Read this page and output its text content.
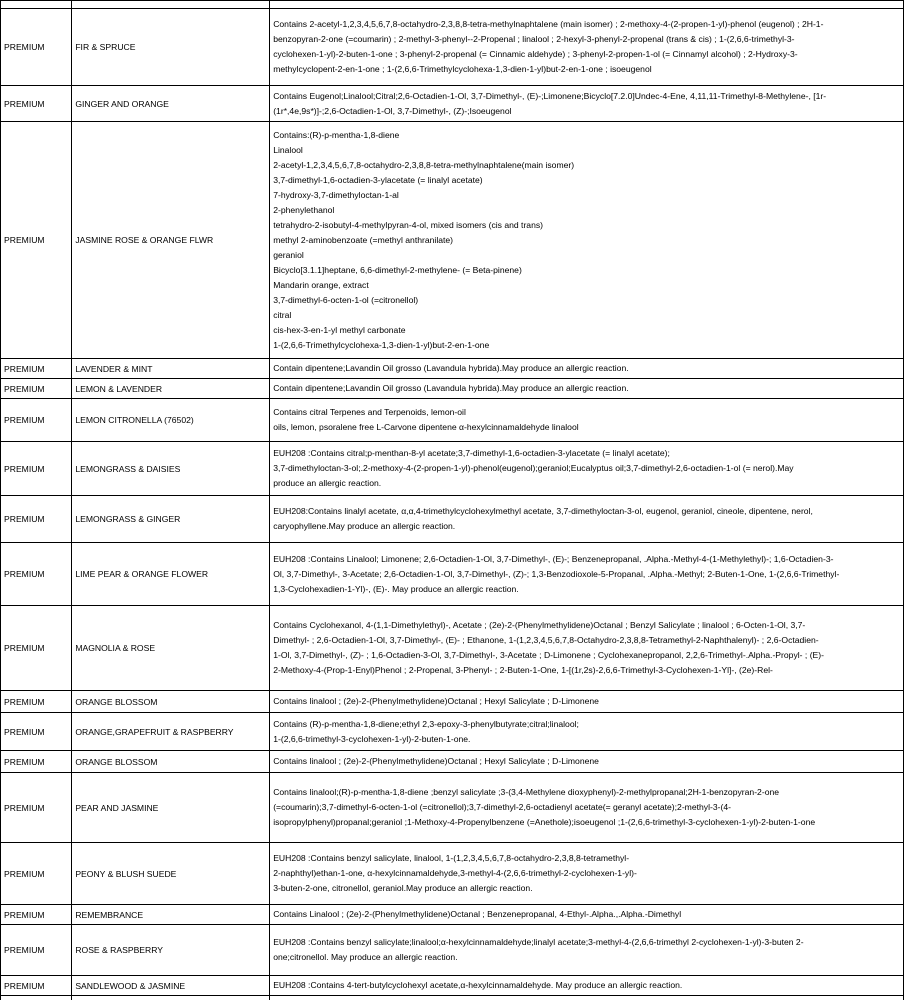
PREMIUM	FIR & SPRUCE	Contains 2-acetyl-1,2,3,4,5,6,7,8-octahydro-2,3,8,8-tetra-methylnaphtalene (main isomer) ; 2-methoxy-4-(2-propen-1-yl)-phenol (eugenol) ; 2H-1-
benzopyran-2-one (=coumarin) ; 2-methyl-3-phenyl--2-Propenal ; linalool ; 2-hexyl-3-phenyl-2-propenal (trans & cis) ; 1-(2,6,6-trimethyl-3-
cyclohexen-1-yl)-2-buten-1-one ; 3-phenyl-2-propenal (= Cinnamic aldehyde) ; 3-phenyl-2-propen-1-ol (= Cinnamyl alcohol) ; 2-Hydroxy-3-
methylcyclopent-2-en-1-one ; 1-(2,6,6-Trimethylcyclohexa-1,3-dien-1-yl)but-2-en-1-one ; isoeugenol

PREMIUM	GINGER AND ORANGE	Contains Eugenol;Linalool;Citral;2,6-Octadien-1-Ol, 3,7-Dimethyl-, (E)-;Limonene;Bicyclo[7.2.0]Undec-4-Ene, 4,11,11-Trimethyl-8-Methylene-, [1r-
(1r*,4e,9s*)]-;2,6-Octadien-1-Ol, 3,7-Dimethyl-, (Z)-;Isoeugenol

PREMIUM	JASMINE ROSE & ORANGE FLWR	
Contains:(R)-p-mentha-1,8-diene
Linalool
2-acetyl-1,2,3,4,5,6,7,8-octahydro-2,3,8,8-tetra-methylnaphtalene(main isomer)
3,7-dimethyl-1,6-octadien-3-ylacetate (= linalyl acetate)
7-hydroxy-3,7-dimethyloctan-1-al
2-phenylethanol
tetrahydro-2-isobutyl-4-methylpyran-4-ol, mixed isomers (cis and trans)
methyl 2-aminobenzoate (=methyl anthranilate)
geraniol
Bicyclo[3.1.1]heptane, 6,6-dimethyl-2-methylene- (= Beta-pinene)
Mandarin orange, extract
3,7-dimethyl-6-octen-1-ol (=citronellol)
citral
cis-hex-3-en-1-yl methyl carbonate
1-(2,6,6-Trimethylcyclohexa-1,3-dien-1-yl)but-2-en-1-one

PREMIUM	LAVENDER & MINT	Contain dipentene;Lavandin Oil grosso (Lavandula hybrida).May produce an allergic reaction.

PREMIUM	LEMON & LAVENDER	Contain dipentene;Lavandin Oil grosso (Lavandula hybrida).May produce an allergic reaction.

PREMIUM	LEMON CITRONELLA (76502)	Contains citral Terpenes and Terpenoids, lemon-oil
oils, lemon, psoralene free L-Carvone dipentene α-hexylcinnamaldehyde linalool

PREMIUM	LEMONGRASS & DAISIES	EUH208 :Contains citral;p-menthan-8-yl acetate;3,7-dimethyl-1,6-octadien-3-ylacetate (= linalyl acetate);
3,7-dimethyloctan-3-ol;.2-methoxy-4-(2-propen-1-yl)-phenol(eugenol);geraniol;Eucalyptus oil;3,7-dimethyl-2,6-octadien-1-ol (= nerol).May
produce an allergic reaction.

PREMIUM	LEMONGRASS & GINGER	EUH208:Contains linalyl acetate, α,α,4-trimethylcyclohexylmethyl acetate, 3,7-dimethyloctan-3-ol, eugenol, geraniol, cineole, dipentene, nerol,
caryophyllene.May produce an allergic reaction.

PREMIUM	LIME PEAR & ORANGE FLOWER	EUH208 :Contains Linalool; Limonene; 2,6-Octadien-1-Ol, 3,7-Dimethyl-, (E)-; Benzenepropanal, .Alpha.-Methyl-4-(1-Methylethyl)-; 1,6-Octadien-3-
Ol, 3,7-Dimethyl-, 3-Acetate; 2,6-Octadien-1-Ol, 3,7-Dimethyl-, (Z)-; 1,3-Benzodioxole-5-Propanal, .Alpha.-Methyl; 2-Buten-1-One, 1-(2,6,6-Trimethyl-
1,3-Cyclohexadien-1-Yl)-, (E)-. May produce an allergic reaction.

PREMIUM	MAGNOLIA & ROSE	Contains Cyclohexanol, 4-(1,1-Dimethylethyl)-, Acetate ; (2e)-2-(Phenylmethylidene)Octanal ; Benzyl Salicylate ; linalool ; 6-Octen-1-Ol, 3,7-
Dimethyl- ; 2,6-Octadien-1-Ol, 3,7-Dimethyl-, (E)- ; Ethanone, 1-(1,2,3,4,5,6,7,8-Octahydro-2,3,8,8-Tetramethyl-2-Naphthalenyl)- ; 2,6-Octadien-
1-Ol, 3,7-Dimethyl-, (Z)- ; 1,6-Octadien-3-Ol, 3,7-Dimethyl-, 3-Acetate ; D-Limonene ; Cyclohexanepropanol, 2,2,6-Trimethyl-.Alpha.-Propyl- ; (E)-
2-Methoxy-4-(Prop-1-Enyl)Phenol ; 2-Propenal, 3-Phenyl- ; 2-Buten-1-One, 1-[(1r,2s)-2,6,6-Trimethyl-3-Cyclohexen-1-Yl]-, (2e)-Rel-

PREMIUM	ORANGE BLOSSOM	Contains linalool ; (2e)-2-(Phenylmethylidene)Octanal ; Hexyl Salicylate ; D-Limonene

PREMIUM	ORANGE,GRAPEFRUIT & RASPBERRY	Contains (R)-p-mentha-1,8-diene;ethyl 2,3-epoxy-3-phenylbutyrate;citral;linalool;
1-(2,6,6-trimethyl-3-cyclohexen-1-yl)-2-buten-1-one.

PREMIUM	ORANGE BLOSSOM	Contains linalool ; (2e)-2-(Phenylmethylidene)Octanal ; Hexyl Salicylate ; D-Limonene

PREMIUM	PEAR AND JASMINE	Contains linalool;(R)-p-mentha-1,8-diene ;benzyl salicylate ;3-(3,4-Methylene dioxyphenyl)-2-methylpropanal;2H-1-benzopyran-2-one
(=coumarin);3,7-dimethyl-6-octen-1-ol (=citronellol);3,7-dimethyl-2,6-octadienyl acetate(= geranyl acetate);2-methyl-3-(4-
isopropylphenyl)propanal;geraniol ;1-Methoxy-4-Propenylbenzene (=Anethole);isoeugenol ;1-(2,6,6-trimethyl-3-cyclohexen-1-yl)-2-buten-1-one

PREMIUM	PEONY & BLUSH SUEDE	EUH208 :Contains benzyl salicylate, linalool, 1-(1,2,3,4,5,6,7,8-octahydro-2,3,8,8-tetramethyl-
2-naphthyl)ethan-1-one, α-hexylcinnamaldehyde,3-methyl-4-(2,6,6-trimethyl-2-cyclohexen-1-yl)-
3-buten-2-one, citronellol, geraniol.May produce an allergic reaction.

PREMIUM	REMEMBRANCE	Contains Linalool ; (2e)-2-(Phenylmethylidene)Octanal ; Benzenepropanal, 4-Ethyl-.Alpha.,.Alpha.-Dimethyl

PREMIUM	ROSE & RASPBERRY	EUH208 :Contains benzyl salicylate;linalool;α-hexylcinnamaldehyde;linalyl acetate;3-methyl-4-(2,6,6-trimethyl 2-cyclohexen-1-yl)-3-buten 2-
one;citronellol. May produce an allergic reaction.

PREMIUM	SANDLEWOOD & JASMINE	EUH208 :Contains 4-tert-butylcyclohexyl acetate,α-hexylcinnamaldehyde. May produce an allergic reaction.
